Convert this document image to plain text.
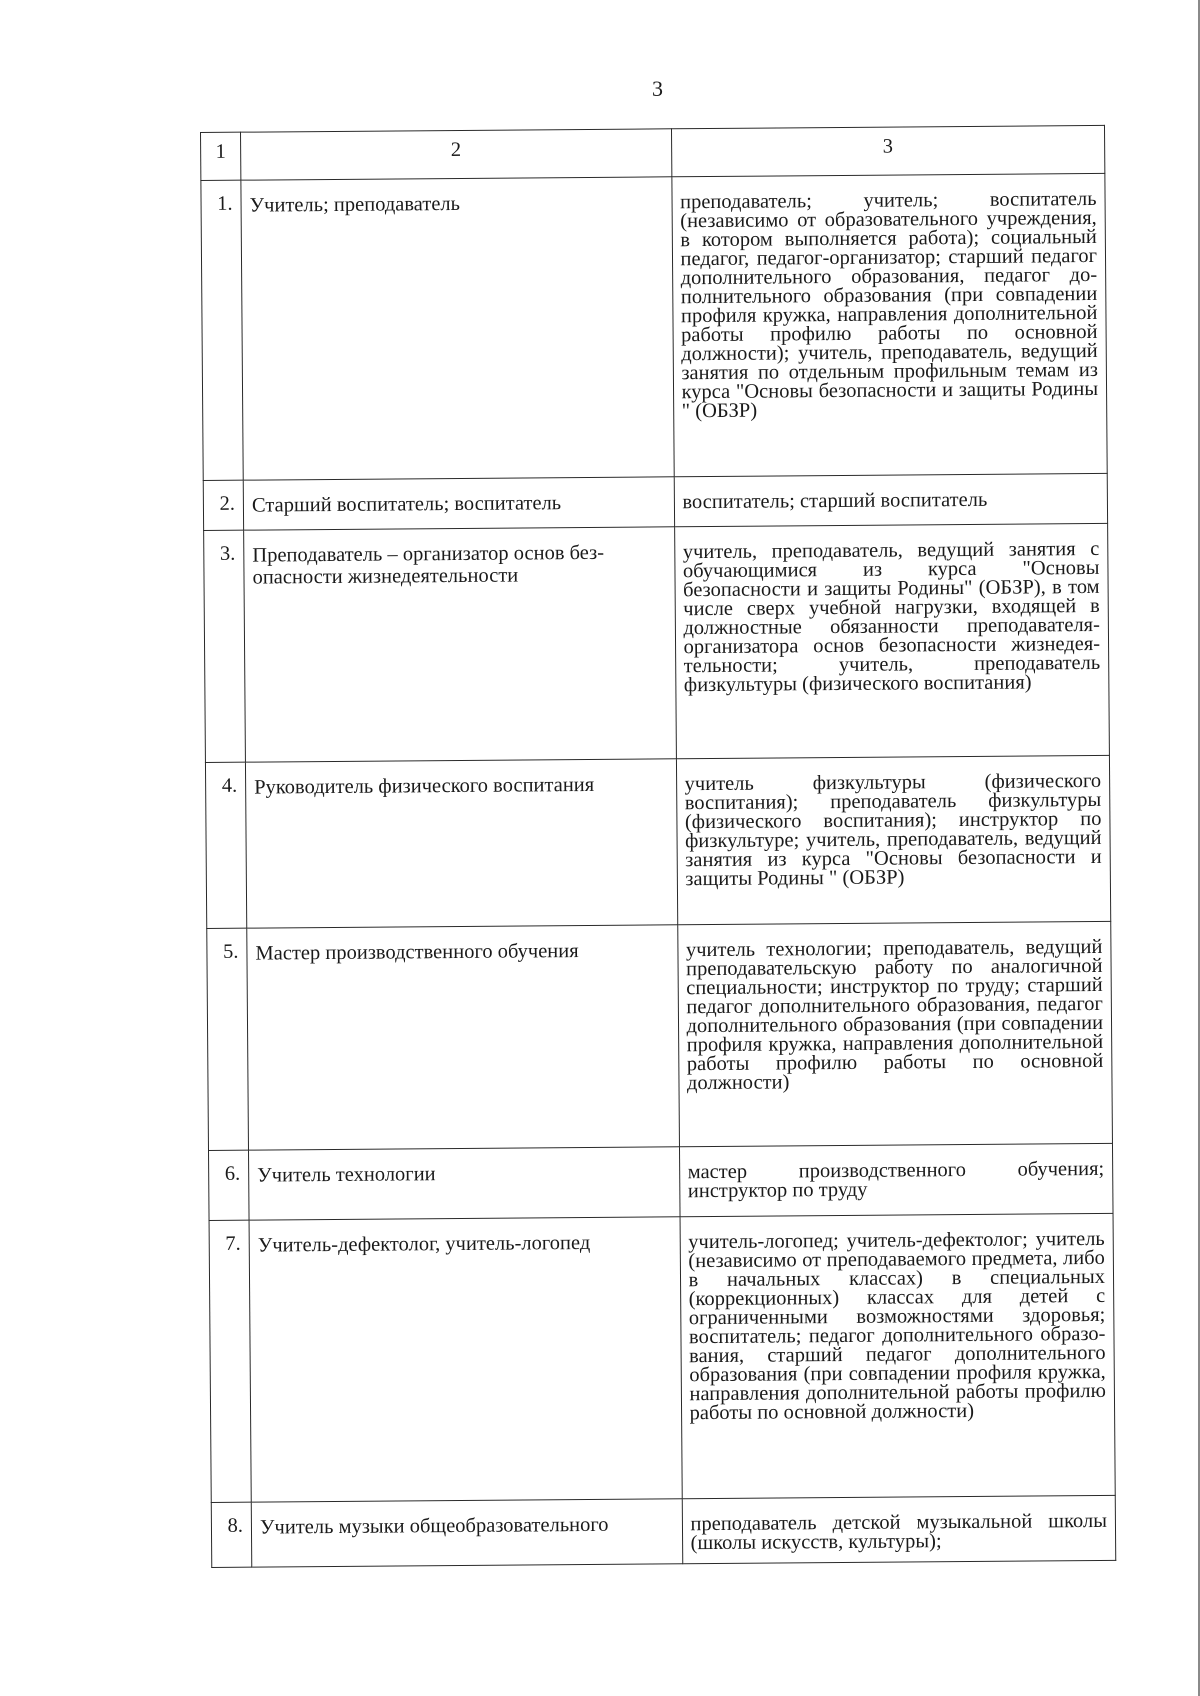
3
1	2	3
1.	Учитель; преподаватель	преподаватель; учитель; воспитатель (независимо от образовательного учреждения, в котором выполняется работа); социальный педагог, педагог-организатор; старший педагог дополнительного образования, педагог дополнительного образования (при совпадении профиля кружка, направления дополнительной работы профилю работы по основной должности); учитель, преподаватель, ведущий занятия по отдельным профильным темам из курса "Основы безопасности и защиты Родины " (ОБЗР)
2.	Старший воспитатель; воспитатель	воспитатель; старший воспитатель
3.	Преподаватель – организатор основ безопасности жизнедеятельности	учитель, преподаватель, ведущий занятия с обучающимися из курса "Основы безопасности и защиты Родины" (ОБЗР), в том числе сверх учебной нагрузки, входящей в должностные обязанности преподавателя-организатора основ безопасности жизнедеятельности; учитель, преподаватель физкультуры (физического воспитания)
4.	Руководитель физического воспитания	учитель физкультуры (физического воспитания); преподаватель физкультуры (физического воспитания); инструктор по физкультуре; учитель, преподаватель, ведущий занятия из курса "Основы безопасности и защиты Родины " (ОБЗР)
5.	Мастер производственного обучения	учитель технологии; преподаватель, ведущий преподавательскую работу по аналогичной специальности; инструктор по труду; старший педагог дополнительного образования, педагог дополнительного образования (при совпадении профиля кружка, направления дополнительной работы профилю работы по основной должности)
6.	Учитель технологии	мастер производственного обучения; инструктор по труду
7.	Учитель-дефектолог, учитель-логопед	учитель-логопед; учитель-дефектолог; учитель (независимо от преподаваемого предмета, либо в начальных классах) в специальных (коррекционных) классах для детей с ограниченными возможностями здоровья; воспитатель; педагог дополнительного образования, старший педагог дополнительного образования (при совпадении профиля кружка, направления дополнительной работы профилю работы по основной должности)
8.	Учитель музыки общеобразовательного	преподаватель детской музыкальной школы (школы искусств, культуры);
